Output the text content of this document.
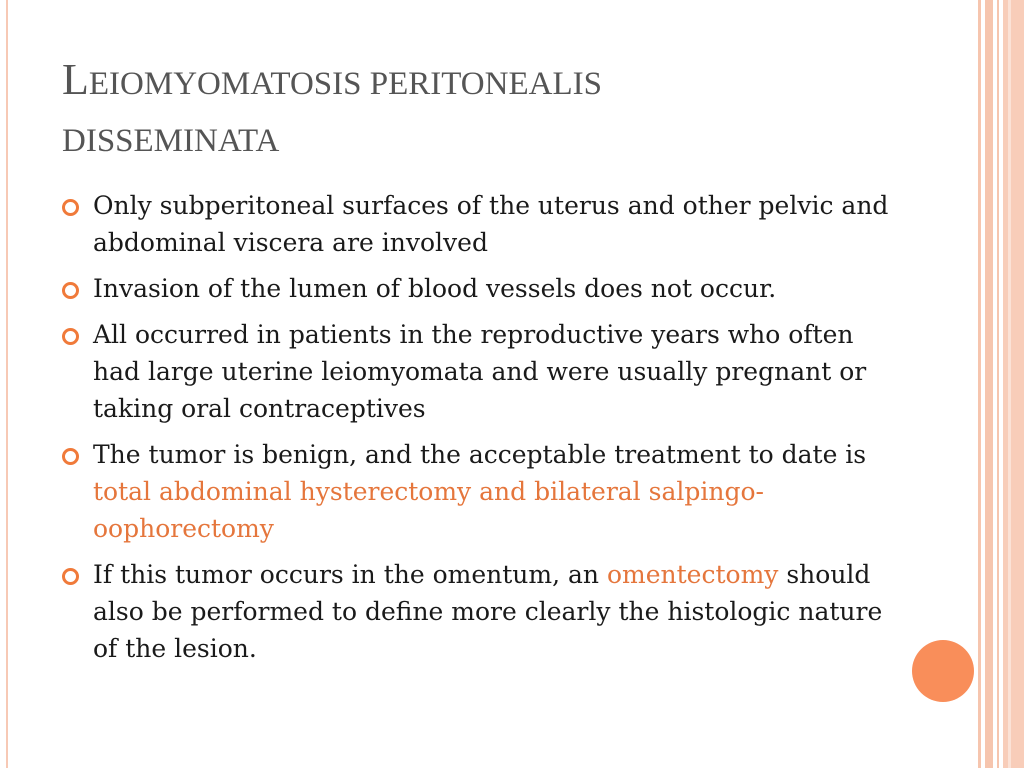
LEIOMYOMATOSIS PERITONEALIS
DISSEMINATA
Only subperitoneal surfaces of the uterus and other pelvic and abdominal viscera are involved
Invasion of the lumen of blood vessels does not occur.
All occurred in patients in the reproductive years who often had large uterine leiomyomata and were usually pregnant or taking oral contraceptives
The tumor is benign, and the acceptable treatment to date is total abdominal hysterectomy and bilateral salpingo-oophorectomy
If this tumor occurs in the omentum, an omentectomy should also be performed to define more clearly the histologic nature of the lesion.
